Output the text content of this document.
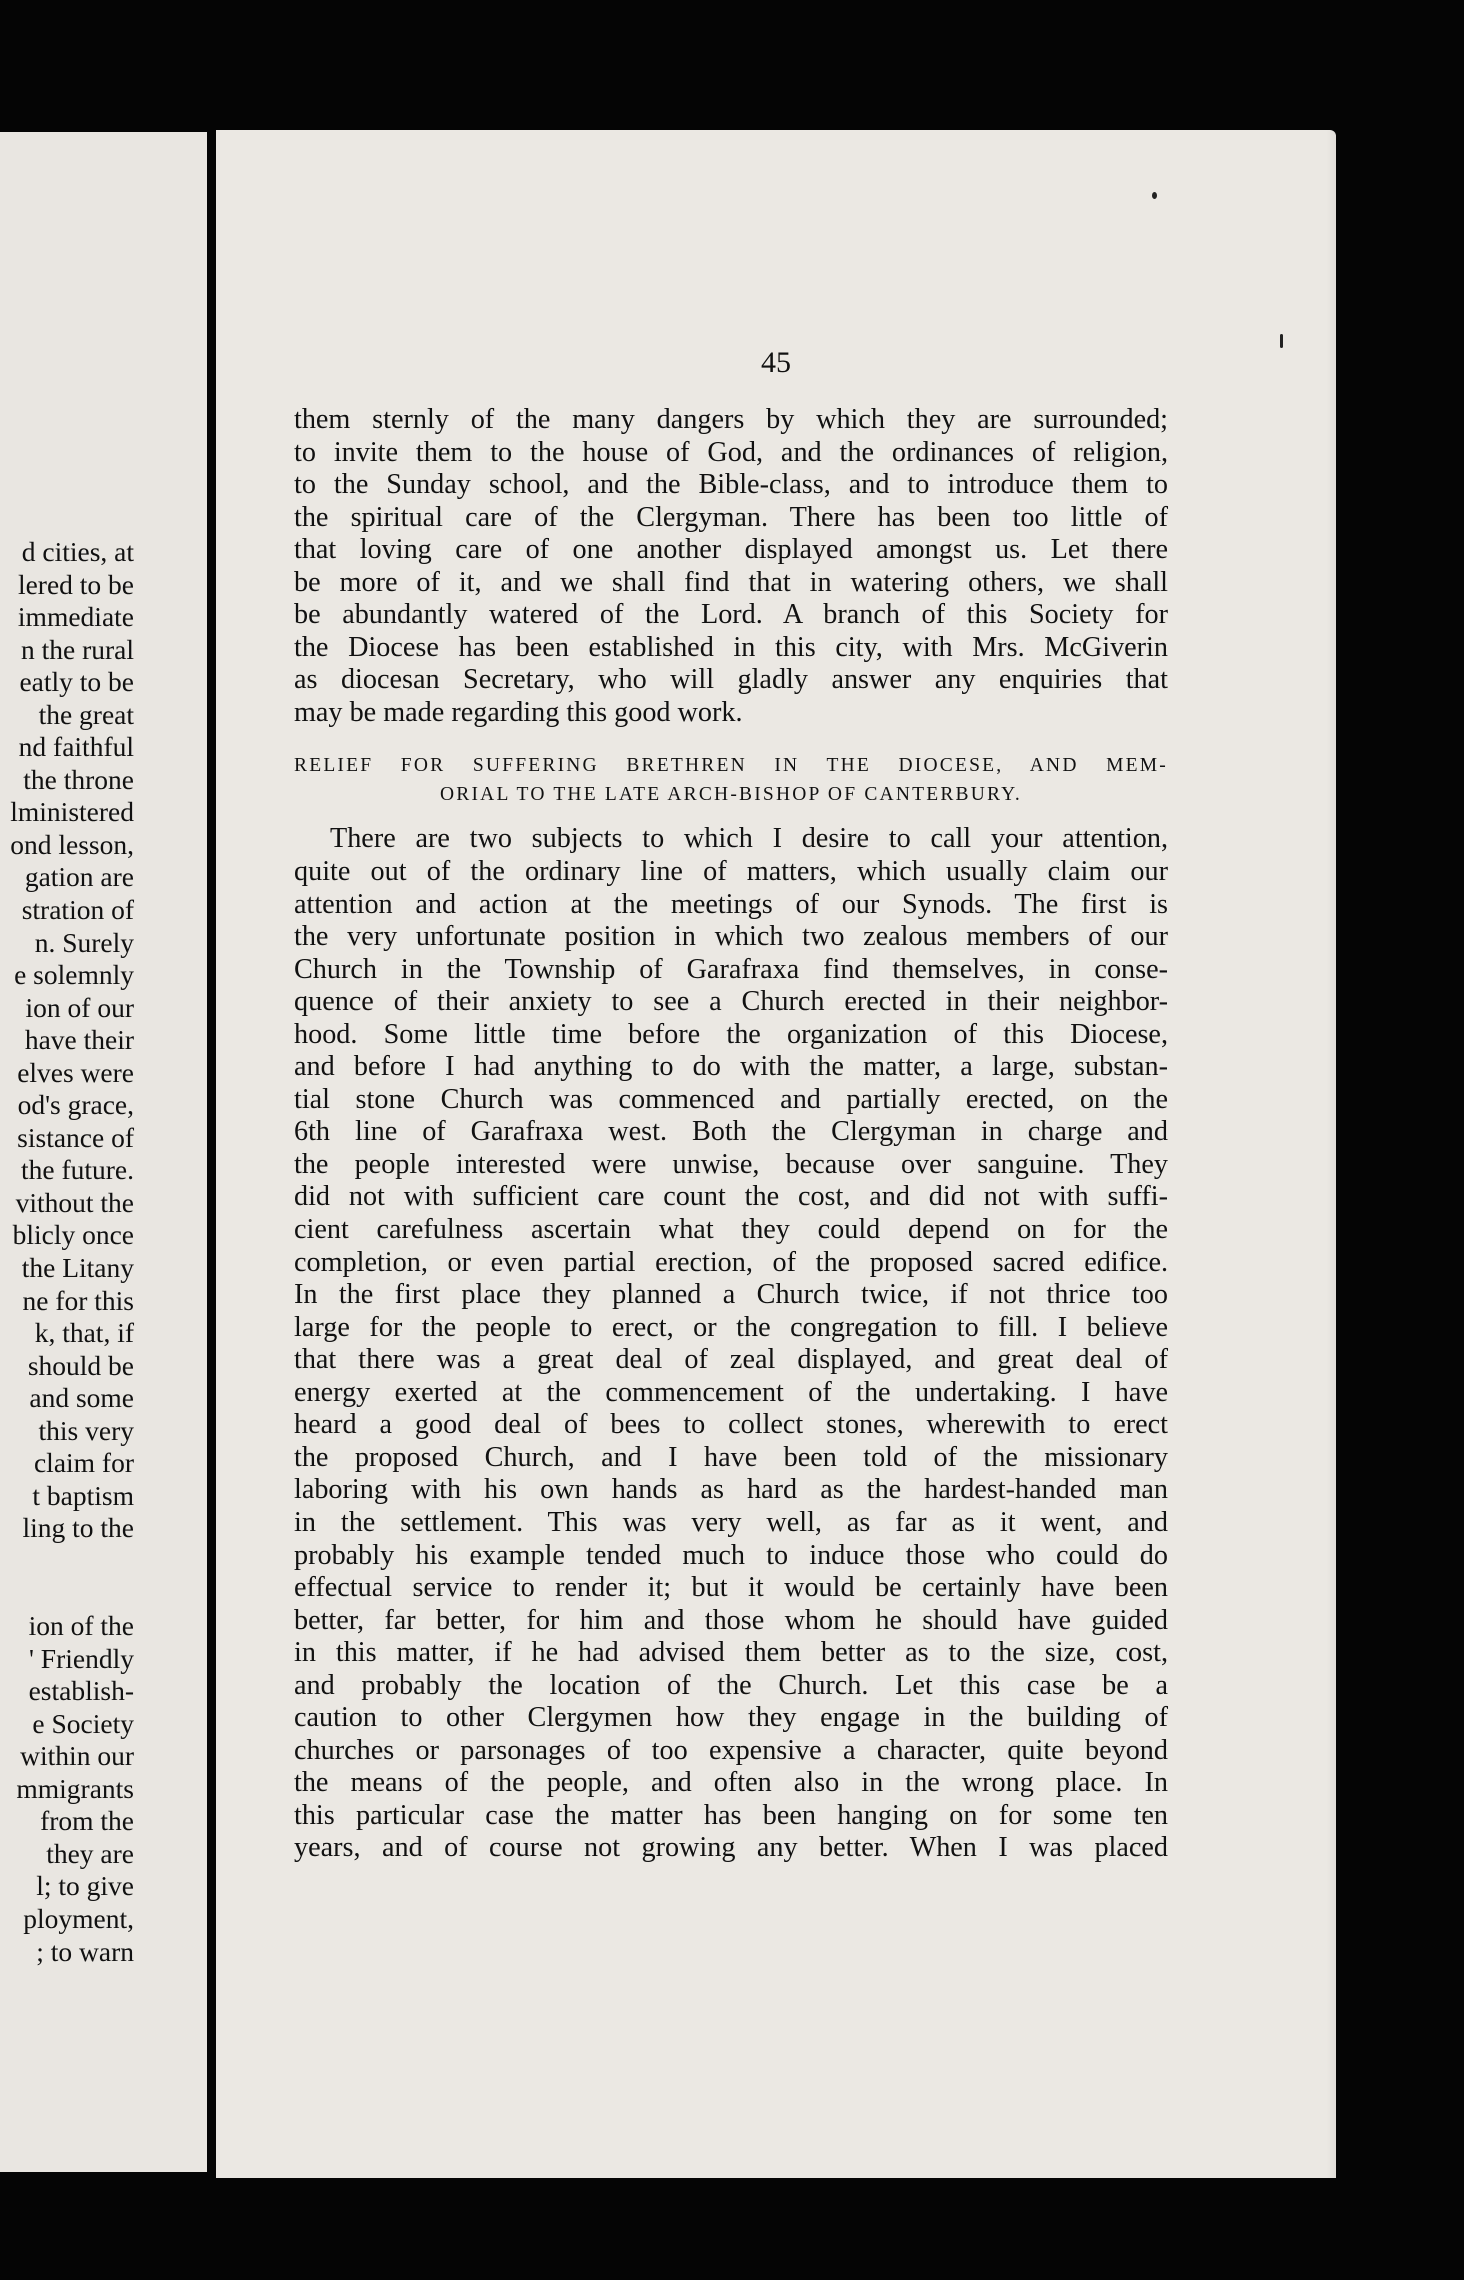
d cities, at
lered to be
immediate
n the rural
eatly to be
the great
nd faithful
the throne
lministered
ond lesson,
gation are
stration of
n. Surely
e solemnly
ion of our
have their
elves were
od's grace,
sistance of
the future.
vithout the
blicly once
the Litany
ne for this
k, that, if
should be
and some
this very
claim for
t baptism
ling to the
ion of the
' Friendly
establish-
e Society
within our
mmigrants
from the
they are
l; to give
ployment,
; to warn
45
them sternly of the many dangers by which they are surrounded;
to invite them to the house of God, and the ordinances of religion,
to the Sunday school, and the Bible-class, and to introduce them to
the spiritual care of the Clergyman. There has been too little of
that loving care of one another displayed amongst us. Let there
be more of it, and we shall find that in watering others, we shall
be abundantly watered of the Lord. A branch of this Society for
the Diocese has been established in this city, with Mrs. McGiverin
as diocesan Secretary, who will gladly answer any enquiries that
may be made regarding this good work.
RELIEF FOR SUFFERING BRETHREN IN THE DIOCESE, AND MEM-
ORIAL TO THE LATE ARCH-BISHOP OF CANTERBURY.
There are two subjects to which I desire to call your attention,
quite out of the ordinary line of matters, which usually claim our
attention and action at the meetings of our Synods. The first is
the very unfortunate position in which two zealous members of our
Church in the Township of Garafraxa find themselves, in conse-
quence of their anxiety to see a Church erected in their neighbor-
hood. Some little time before the organization of this Diocese,
and before I had anything to do with the matter, a large, substan-
tial stone Church was commenced and partially erected, on the
6th line of Garafraxa west. Both the Clergyman in charge and
the people interested were unwise, because over sanguine. They
did not with sufficient care count the cost, and did not with suffi-
cient carefulness ascertain what they could depend on for the
completion, or even partial erection, of the proposed sacred edifice.
In the first place they planned a Church twice, if not thrice too
large for the people to erect, or the congregation to fill. I believe
that there was a great deal of zeal displayed, and great deal of
energy exerted at the commencement of the undertaking. I have
heard a good deal of bees to collect stones, wherewith to erect
the proposed Church, and I have been told of the missionary
laboring with his own hands as hard as the hardest-handed man
in the settlement. This was very well, as far as it went, and
probably his example tended much to induce those who could do
effectual service to render it; but it would be certainly have been
better, far better, for him and those whom he should have guided
in this matter, if he had advised them better as to the size, cost,
and probably the location of the Church. Let this case be a
caution to other Clergymen how they engage in the building of
churches or parsonages of too expensive a character, quite beyond
the means of the people, and often also in the wrong place. In
this particular case the matter has been hanging on for some ten
years, and of course not growing any better. When I was placed
